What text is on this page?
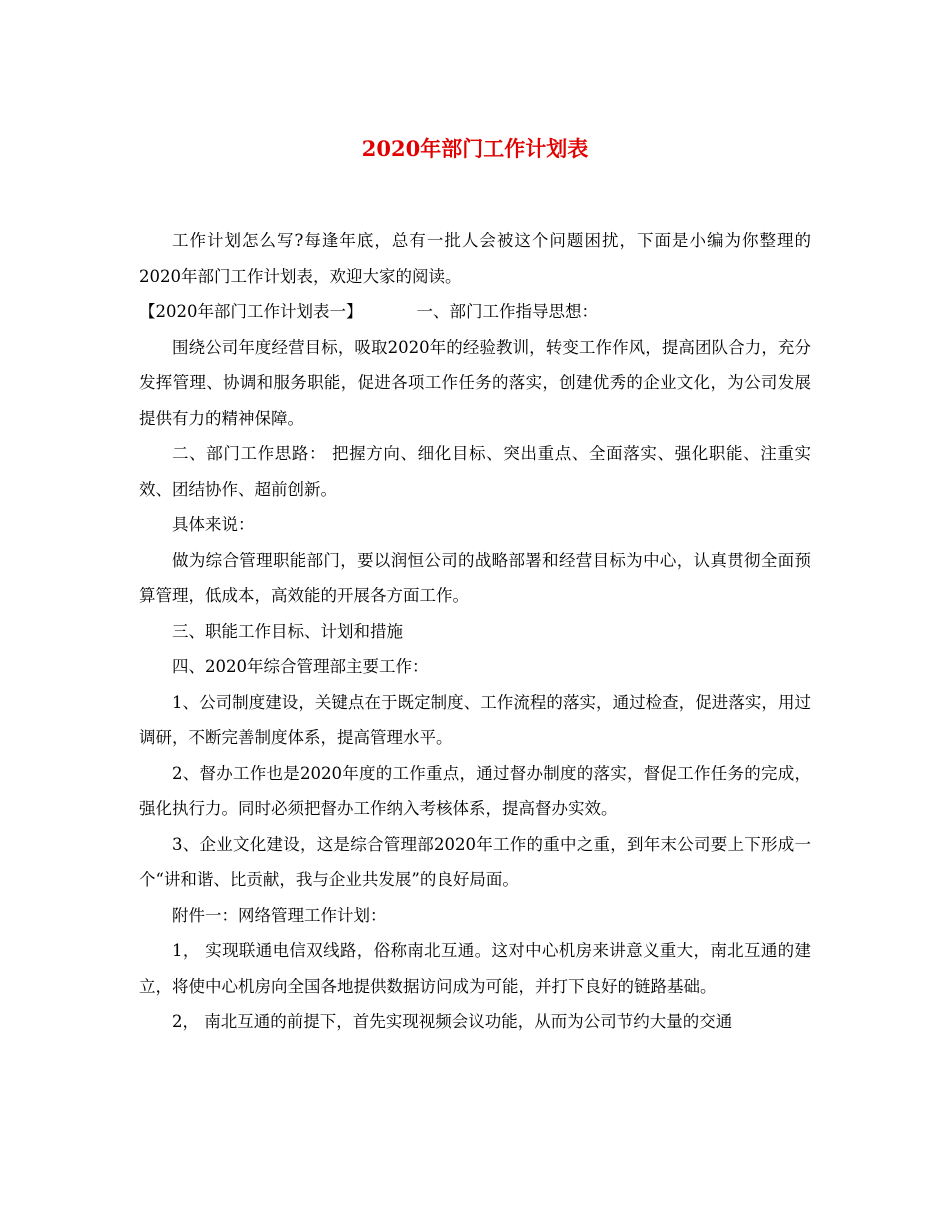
2020年部门工作计划表

工作计划怎么写?每逢年底，总有一批人会被这个问题困扰，下面是小编为你整理的2020年部门工作计划表，欢迎大家的阅读。

【2020年部门工作计划表一】	一、部门工作指导思想：

围绕公司年度经营目标，吸取2020年的经验教训，转变工作作风，提高团队合力，充分发挥管理、协调和服务职能，促进各项工作任务的落实，创建优秀的企业文化，为公司发展提供有力的精神保障。

二、部门工作思路： 把握方向、细化目标、突出重点、全面落实、强化职能、注重实效、团结协作、超前创新。

具体来说：

做为综合管理职能部门，要以润恒公司的战略部署和经营目标为中心，认真贯彻全面预算管理，低成本，高效能的开展各方面工作。

三、职能工作目标、计划和措施

四、2020年综合管理部主要工作：

1、公司制度建设，关键点在于既定制度、工作流程的落实，通过检查，促进落实，用过调研，不断完善制度体系，提高管理水平。

2、督办工作也是2020年度的工作重点，通过督办制度的落实，督促工作任务的完成，强化执行力。同时必须把督办工作纳入考核体系，提高督办实效。

3、企业文化建设，这是综合管理部2020年工作的重中之重，到年末公司要上下形成一个“讲和谐、比贡献，我与企业共发展”的良好局面。

附件一：网络管理工作计划：

1， 实现联通电信双线路，俗称南北互通。这对中心机房来讲意义重大，南北互通的建立，将使中心机房向全国各地提供数据访问成为可能，并打下良好的链路基础。

2， 南北互通的前提下，首先实现视频会议功能，从而为公司节约大量的交通
